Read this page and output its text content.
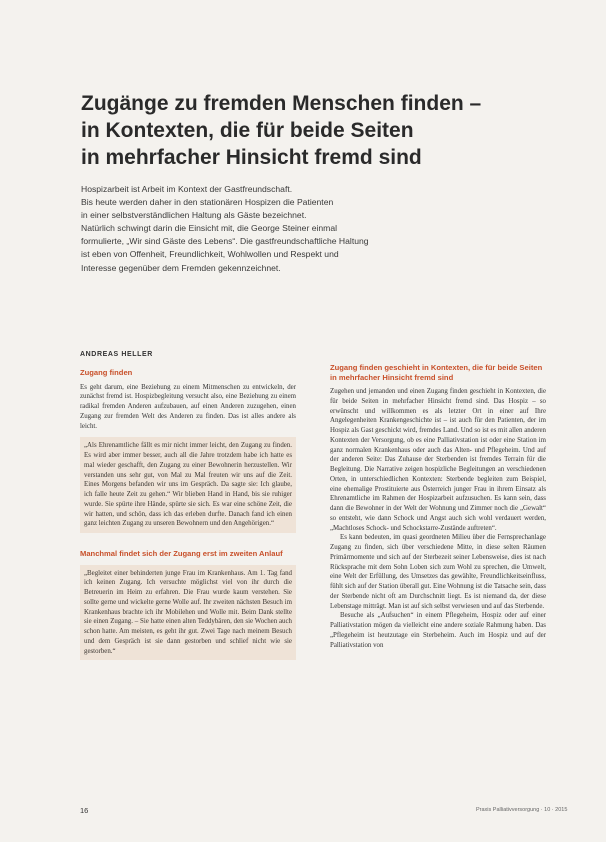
Zugänge zu fremden Menschen finden –
in Kontexten, die für beide Seiten
in mehrfacher Hinsicht fremd sind

Hospizarbeit ist Arbeit im Kontext der Gastfreundschaft.
Bis heute werden daher in den stationären Hospizen die Patienten
in einer selbstverständlichen Haltung als Gäste bezeichnet.
Natürlich schwingt darin die Einsicht mit, die George Steiner einmal
formulierte, „Wir sind Gäste des Lebens“. Die gastfreundschaftliche Haltung
ist eben von Offenheit, Freundlichkeit, Wohlwollen und Respekt und
Interesse gegenüber dem Fremden gekennzeichnet.

ANDREAS HELLER
Zugang finden

Es geht darum, eine Beziehung zu einem Mitmenschen zu entwickeln, der zunächst fremd ist. Hospizbegleitung versucht also, eine Beziehung zu einem radikal fremden Anderen aufzubauen, auf einen Anderen zuzugehen, einen Zugang zur fremden Welt des Anderen zu finden. Das ist alles andere als leicht.

„Als Ehrenamtliche fällt es mir nicht immer leicht, den Zugang zu finden. Es wird aber immer besser, auch all die Jahre trotzdem habe ich hatte es mal wieder geschafft, den Zugang zu einer Bewohnerin herzustellen. Wir verstanden uns sehr gut, von Mal zu Mal freuten wir uns auf die Zeit. Eines Morgens befanden wir uns im Gespräch. Da sagte sie: Ich glaube, ich falle heute Zeit zu gehen.“ Wir blieben Hand in Hand, bis sie ruhiger wurde. Sie spürte ihre Hände, spürte sie sich. Es war eine schöne Zeit, die wir hatten, und schön, dass ich das erleben durfte. Danach fand ich einen ganz leichten Zugang zu unseren Bewohnern und den Angehörigen.“

Manchmal findet sich der Zugang erst im zweiten Anlauf

„Begleitet einer behinderten junge Frau im Krankenhaus. Am 1. Tag fand ich keinen Zugang. Ich versuchte möglichst viel von ihr durch die Betreuerin im Heim zu erfahren. Die Frau wurde kaum verstehen. Sie sollte gerne und wickelte gerne Wolle auf. Ihr zweiten nächsten Besuch im Krankenhaus brachte ich ihr Mobilehen und Wolle mit. Beim Dank stellte sie einen Zugang. – Sie hatte einen alten Teddybären, den sie Wochen auch schon hatte. Am meisten, es geht ihr gut. Zwei Tage nach meinem Besuch und dem Gespräch ist sie dann gestorben und schlief nicht wie sie gestorben.“

Zugang finden geschieht in Kontexten, die für beide Seiten in mehrfacher Hinsicht fremd sind

Zugehen und jemanden und einen Zugang finden geschieht in Kontexten, die für beide Seiten in mehrfacher Hinsicht fremd sind. Das Hospiz – so erwünscht und willkommen es als letzter Ort in einer auf Ihre Angelegenheiten Krankengeschichte ist – ist auch für den Patienten, der im Hospiz als Gast geschickt wird, fremdes Land. Und so ist es mit allen anderen Kontexten der Versorgung, ob es eine Palliativstation ist oder eine Station im ganz normalen Krankenhaus oder auch das Alten- und Pflegeheim. Und auf der anderen Seite: Das Zuhause der Sterbenden ist fremdes Terrain für die Begleitung. Die Narrative zeigen hospizliche Begleitungen an verschiedenen Orten, in unterschiedlichen Kontexten: Sterbende begleiten zum Beispiel, eine ehemalige Prostituierte aus Österreich junger Frau in ihrem Einsatz als Ehrenamtliche im Rahmen der Hospizarbeit aufzusuchen. Es kann sein, dass dann die Bewohner in der Welt der Wohnung und Zimmer noch die „Gewalt“ so entsteht, wie dann Schock und Angst auch sich wohl verdauert werden, „Machtloses Schock- und Schockstarre-Zustände auftreten“.

Es kann bedeuten, im quasi geordneten Milieu über die Fernsprechanlage Zugang zu finden, sich über verschiedene Mitte, in diese selten Räumen Primärmomente und sich auf der Sterbezeit seiner Lebensweise, dies ist nach Rücksprache mit dem Sohn Loben sich zum Wohl zu sprechen, die Umwelt, eine Welt der Erfüllung, des Umsetzes das gewählte, Freundlichkeitseinfluss, fühlt sich auf der Station überall gut. Eine Wohnung ist die Tatsache sein, dass der Sterbende nicht oft am Durchschnitt liegt. Es ist niemand da, der diese Lebenstage mitträgt. Man ist auf sich selbst verwiesen und auf das Sterbende.

Besuche als „Aufsuchen“ in einem Pflegeheim, Hospiz oder auf einer Palliativstation mögen da vielleicht eine andere soziale Rahmung haben. Das „Pflegeheim ist heutzutage ein Sterbeheim. Auch im Hospiz und auf der Palliativstation von

16	Praxis Palliativversorgung · 10 · 2015
